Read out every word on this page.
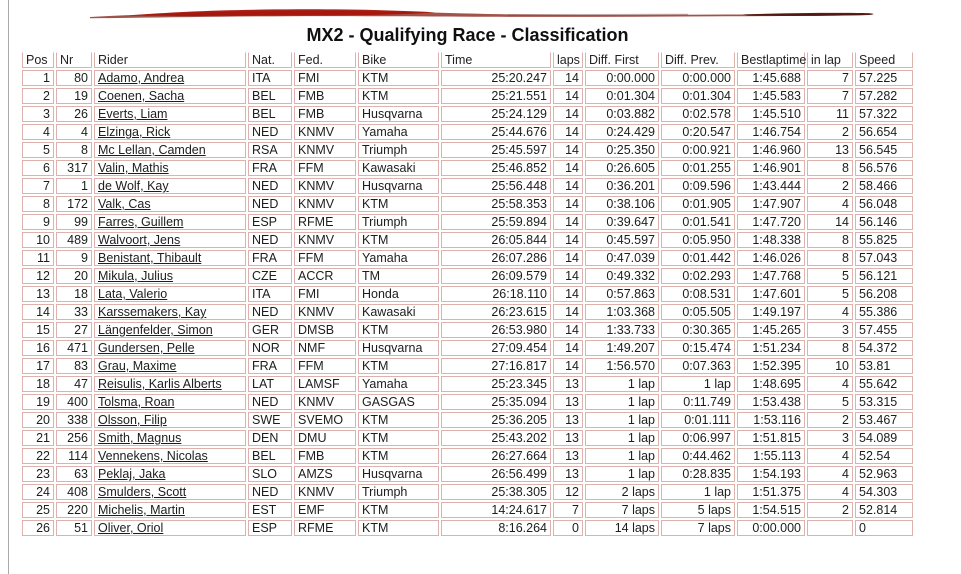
MX2 - Qualifying Race - Classification
Pos	Nr	Rider	Nat.	Fed.	Bike	Time	laps	Diff. First	Diff. Prev.	Bestlaptime	in lap	Speed
1	80	Adamo, Andrea	ITA	FMI	KTM	25:20.247	14	0:00.000	0:00.000	1:45.688	7	57.225
2	19	Coenen, Sacha	BEL	FMB	KTM	25:21.551	14	0:01.304	0:01.304	1:45.583	7	57.282
3	26	Everts, Liam	BEL	FMB	Husqvarna	25:24.129	14	0:03.882	0:02.578	1:45.510	11	57.322
4	4	Elzinga, Rick	NED	KNMV	Yamaha	25:44.676	14	0:24.429	0:20.547	1:46.754	2	56.654
5	8	Mc Lellan, Camden	RSA	KNMV	Triumph	25:45.597	14	0:25.350	0:00.921	1:46.960	13	56.545
6	317	Valin, Mathis	FRA	FFM	Kawasaki	25:46.852	14	0:26.605	0:01.255	1:46.901	8	56.576
7	1	de Wolf, Kay	NED	KNMV	Husqvarna	25:56.448	14	0:36.201	0:09.596	1:43.444	2	58.466
8	172	Valk, Cas	NED	KNMV	KTM	25:58.353	14	0:38.106	0:01.905	1:47.907	4	56.048
9	99	Farres, Guillem	ESP	RFME	Triumph	25:59.894	14	0:39.647	0:01.541	1:47.720	14	56.146
10	489	Walvoort, Jens	NED	KNMV	KTM	26:05.844	14	0:45.597	0:05.950	1:48.338	8	55.825
11	9	Benistant, Thibault	FRA	FFM	Yamaha	26:07.286	14	0:47.039	0:01.442	1:46.026	8	57.043
12	20	Mikula, Julius	CZE	ACCR	TM	26:09.579	14	0:49.332	0:02.293	1:47.768	5	56.121
13	18	Lata, Valerio	ITA	FMI	Honda	26:18.110	14	0:57.863	0:08.531	1:47.601	5	56.208
14	33	Karssemakers, Kay	NED	KNMV	Kawasaki	26:23.615	14	1:03.368	0:05.505	1:49.197	4	55.386
15	27	Längenfelder, Simon	GER	DMSB	KTM	26:53.980	14	1:33.733	0:30.365	1:45.265	3	57.455
16	471	Gundersen, Pelle	NOR	NMF	Husqvarna	27:09.454	14	1:49.207	0:15.474	1:51.234	8	54.372
17	83	Grau, Maxime	FRA	FFM	KTM	27:16.817	14	1:56.570	0:07.363	1:52.395	10	53.81
18	47	Reisulis, Karlis Alberts	LAT	LAMSF	Yamaha	25:23.345	13	1 lap	1 lap	1:48.695	4	55.642
19	400	Tolsma, Roan	NED	KNMV	GASGAS	25:35.094	13	1 lap	0:11.749	1:53.438	5	53.315
20	338	Olsson, Filip	SWE	SVEMO	KTM	25:36.205	13	1 lap	0:01.111	1:53.116	2	53.467
21	256	Smith, Magnus	DEN	DMU	KTM	25:43.202	13	1 lap	0:06.997	1:51.815	3	54.089
22	114	Vennekens, Nicolas	BEL	FMB	KTM	26:27.664	13	1 lap	0:44.462	1:55.113	4	52.54
23	63	Peklaj, Jaka	SLO	AMZS	Husqvarna	26:56.499	13	1 lap	0:28.835	1:54.193	4	52.963
24	408	Smulders, Scott	NED	KNMV	Triumph	25:38.305	12	2 laps	1 lap	1:51.375	4	54.303
25	220	Michelis, Martin	EST	EMF	KTM	14:24.617	7	7 laps	5 laps	1:54.515	2	52.814
26	51	Oliver, Oriol	ESP	RFME	KTM	8:16.264	0	14 laps	7 laps	0:00.000		0
